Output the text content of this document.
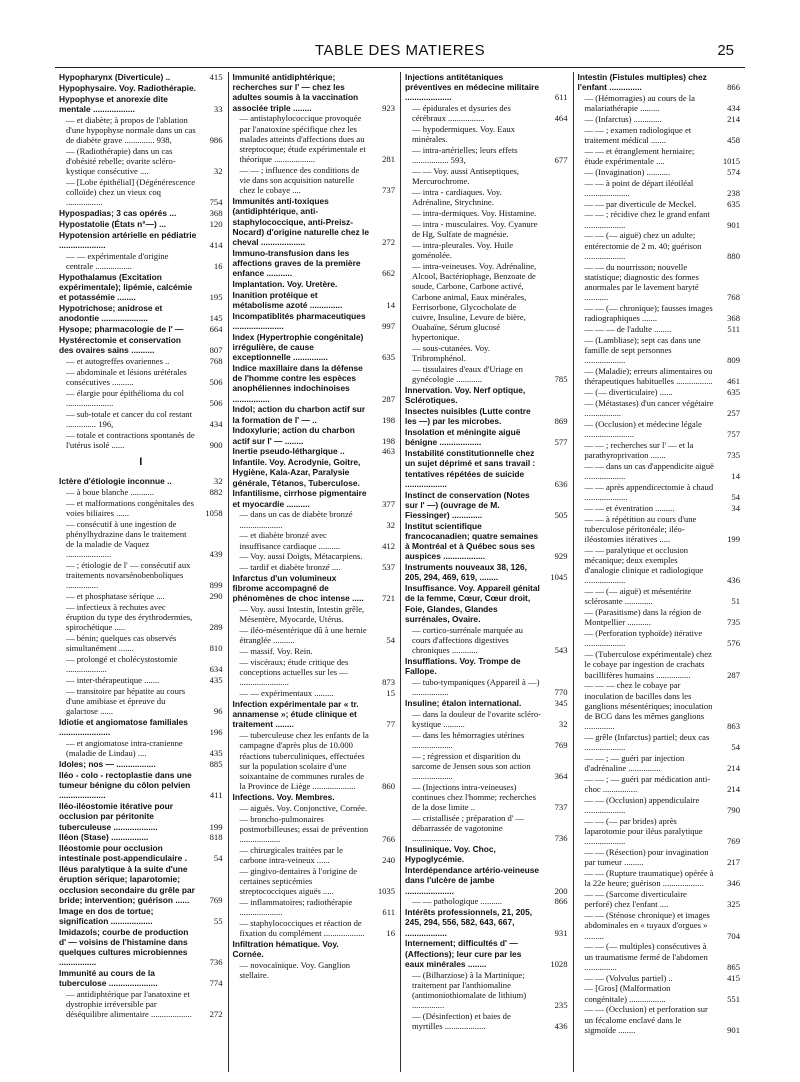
TABLE DES MATIERES	25
Hypopharynx (Diverticule) ..	415
Hypophysaire. Voy. Radiothérapie.
Hypophyse et anorexie dite mentale ..................	33
— et diabète; à propos de l'ablation d'une hypophyse normale dans un cas de diabète grave .............. 938,	986
— (Radiothérapie) dans un cas d'obésité rebelle; ovarite scléro-kystique consécutive ....	32
— [Lobe épithélial] (Dégénérescence colloïde) chez un vieux coq .................	754
Hypospadias; 3 cas opérés ...	368
Hypostatolie (États n°—) ...	120
Hypotension artérielle en pédiatrie ....................	414
— — expérimentale d'origine centrale .................	16
Hypothalamus (Excitation expérimentale); lipémie, calcémie et potassémie ........	195
Hypotrichose; anidrose et anodontie ....................	145
Hysope; pharmacologie de l' —	664
Hystérectomie et conservation des ovaires sains ..........	807
— et autogreffes ovariennes ..	768
— abdominale et lésions urétérales consécutives ..........	506
— élargie pour épithélioma du col ......................	506
— sub-totale et cancer du col restant .............. 196,	434
— totale et contractions spontanés de l'utérus isolé ......	900
I
Ictère d'étiologie inconnue ..	32
— à boue blanche ...........	882
— et malformations congénitales des voies biliaires ......	1058
— consécutif à une ingestion de phénylhydrazine dans le traitement de la maladie de Vaquez .....................	439
— ; étiologie de l' — consécutif aux traitements novarsénobenboliques ...............	899
— et phosphatase sérique ....	290
— infectieux à rechutes avec éruption du type des érythrodermies, spirochétique .....	289
— bénin; quelques cas observés simultanément .......	810
— prolongé et cholécystostomie ...................	634
— inter-thérapeutique .......	435
— transitoire par hépatite au cours d'une amibiase et épreuve du galactose ......	96
Idiotie et angiomatose familiales ......................	196
— et angiomatose intra-cranienne (maladie de Lindau) ....	435
Idoles; nos — .................	885
Iléo - colo - rectoplastie dans une tumeur bénigne du côlon pelvien ....................	411
Iléo-iléostomie itérative pour occlusion par péritonite tuberculeuse ...................	199
Iléon (Stase) ................	818
Iléostomie pour occlusion intestinale post-appendiculaire .	54
Iléus paralytique à la suite d'une éruption sérique; laparotomie; occlusion secondaire du grêle par bride; intervention; guérison ......	769
Image en dos de tortue; signification ..................	55
Imidazols; courbe de production d' — voisins de l'histamine dans quelques cultures microbiennes ................	736
Immunité au cours de la tuberculose .....................	774
— antidiphtérique par l'anatoxine et dystrophie irréversible par déséquilibre alimentaire ...................	272
Immunité antidiphtérique; recherches sur l' — chez les adultes soumis à la vaccination associée triple ........	923
— antistaphylococcique provoquée par l'anatoxine spécifique chez les malades atteints d'affections dues au streptocoque; étude expérimentale et théorique ...................	281
— — ; influence des conditions de vie dans son acquisition naturelle chez le cobaye ....	737
Immunités anti-toxiques (antidiphtérique, anti-staphylococcique, anti-Preisz-Nocard) d'origine naturelle chez le cheval ...................	272
Immuno-transfusion dans les affections graves de la première enfance ...........	662
Implantation. Voy. Uretère.
Inanition protéique et métabolisme azoté ..............	14
Incompatiblités pharmaceutiques ......................	997
Index (Hypertrophie congénitale) irrégulière, de cause exceptionnelle ...............	635
Indice maxillaire dans la défense de l'homme contre les espèces anophéliennes indochinoises ................	287
Indol; action du charbon actif sur la formation de l' — ..	198
Indoxylurie; action du charbon actif sur l' — ........	198
Inertie pseudo-léthargique ..	463
Infantile. Voy. Acrodynie, Goitre, Hygiène, Kala-Azar, Paralysie générale, Tétanos, Tuberculose.
Infantilisme, cirrhose pigmentaire et myocardie ..........	377
— dans un cas de diabète bronzé ....................	32
— et diabète bronzé avec insuffisance cardiaque ..........	412
— Voy. aussi Doigts, Métacarpiens.
— tardif et diabète bronzé ....	537
Infarctus d'un volumineux fibrome accompagné de phénomènes de choc intense .....	721
— Voy. aussi Intestin, Intestin grêle, Mésentère, Myocarde, Utérus.
— iléo-mésentérique dû à une hernie étranglée ..........	54
— massif. Voy. Rein.
— viscéraux; étude critique des conceptions actuelles sur les — .......................	873
— — expérimentaux .........	15
Infection expérimentale par « tr. annamense »; étude clinique et traitement ........	77
— tuberculeuse chez les enfants de la campagne d'après plus de 10.000 réactions tuberculiniques, effectuées sur la population scolaire d'une soixantaine de communes rurales de la Province de Liège ....................	860
Infections. Voy. Membres.
— aiguës. Voy. Conjonctive, Cornée.
— broncho-pulmonaires postmorbilleuses; essai de prévention ...................	766
— chirurgicales traitées par le carbone intra-veineux ......	240
— gingivo-dentaires à l'origine de certaines septicémies streptococciques aiguës .....	1035
— inflammatoires; radiothérapie ....................	611
— staphylococciques et réaction de fixation du complément ...................	16
Infiltration hématique. Voy. Cornée.
— novocaïnique. Voy. Ganglion stellaire.
Injections antitétaniques préventives en médecine militaire ....................	611
— épidurales et dysuries des cérébraux .................	464
— hypodermiques. Voy. Eaux minérales.
— intra-artérielles; leurs effets ................. 593,	677
— — Voy. aussi Antiseptiques, Mercurochrome.
— intra - cardiaques. Voy. Adrénaline, Strychnine.
— intra-dermiques. Voy. Histamine.
— intra - musculaires. Voy. Cyanure de Hg, Sulfate de magnésie.
— intra-pleurales. Voy. Huile goménolée.
— intra-veineuses. Voy. Adrénaline, Alcool, Bactériophage, Benzoate de soude, Carbone, Carbone activé, Carbone animal, Eaux minérales, Ferrisorbone, Glycocholate de cuivre, Insuline, Levure de bière, Ouabaïne, Sérum glucosé hypertonique.
— sous-cutanées. Voy. Tribromphénol.
— tissulaires d'eaux d'Uriage en gynécologie ............	785
Innervation. Voy. Nerf optique, Sclérotiques.
Insectes nuisibles (Lutte contre les —) par les microbes.	869
Insolation et méningite aiguë bénigne ..................	577
Instabilité constitutionnelle chez un sujet déprimé et sans travail : tentatives répétées de suicide ..................	636
Instinct de conservation (Notes sur l' —) (ouvrage de M. Fiessinger) .............	505
Institut scientifique francocanadien; quatre semaines à Montréal et à Québec sous ses auspices ..................	929
Instruments nouveaux 38, 126, 205, 294, 469, 619, ........	1045
Insuffisance. Voy. Appareil génital de la femme, Cœur, Cœur droit, Foie, Glandes, Glandes surrénales, Ovaire.
— cortico-surrénale marquée au cours d'affections digestives chroniques ............	543
Insufflations. Voy. Trompe de Fallope.
— tubo-tympaniques (Appareil à —) .................	770
Insuline; étalon international.	345
— dans la douleur de l'ovarite scléro-kystique ..........	32
— dans les hémorragies utérines ...................	769
— ; régression et disparition du sarcome de Jensen sous son action ...................	364
— (Injections intra-veineuses) continues chez l'homme; recherches de la dose limite ..	737
— cristallisée ; préparation d' — débarrassée de vagotonine ...................	736
Insulinique. Voy. Choc, Hypoglycémie.
Interdépendance artério-veineuse dans l'ulcère de jambe .....................	200
— — pathologique ..........	866
Intérêts professionnels, 21, 205, 245, 294, 556, 582, 643, 667, ..................	931
Internement; difficultés d' — (Affections); leur cure par les eaux minérales ........	1028
— (Bilharziose) à la Martinique; traitement par l'anthiomaline (antimoniothiomalate de lithium) ...............	235
— (Désinfection) et baies de myrtilles ...................	436
Intestin (Fistules multiples) chez l'enfant ..............	866
— (Hémorragies) au cours de la malariathérapie .........	434
— (Infarctus) .............	214
— — ; examen radiologique et traitement médical .......	458
— — et étranglement herniaire; étude expérimentale ....	1015
— (Invagination) ...........	574
— — à point de départ iléoiléal .....................	238
— — par diverticule de Meckel.	635
— — ; récidive chez le grand enfant ...................	901
— — (— aiguë) chez un adulte; entérectomie de 2 m. 40; guérison ...................	880
— — du nourrisson; nouvelle statistique; diagnostic des formes anormales par le lavement baryté ...........	768
— — (— chronique); fausses images radiographiques .......	368
— — — de l'adulte ........	511
— (Lambliase); sept cas dans une famille de sept personnes ...................	809
— (Maladie); erreurs alimentaires ou thérapeutiques habituelles .................	461
— (— diverticulaire) ......	635
— (Métastases) d'un cancer végétaire .................	257
— (Occlusion) et médecine légale .......................	757
— — ; recherches sur l' — et la parathyroprivation .......	735
— — dans un cas d'appendicite aiguë ...................	14
— — après appendicectomie à chaud ....................	54
— — et éventration .........	34
— — à répétition au cours d'une tuberculose péritonéale; iléo-iléostomies itératives .....	199
— — paralytique et occlusion mécanique; deux exemples d'analogie clinique et radiologique ...................	436
— — (— aiguë) et mésentérite sclérosante .............	51
— (Parasitisme) dans la région de Montpellier ...........	735
— (Perforation typhoïde) itérative ...................	576
— (Tuberculose expérimentale) chez le cobaye par ingestion de crachats bacillifères humains ................	287
— — — chez le cobaye par inoculation de bacilles dans les ganglions mésentériques; inoculation de BCG dans les mêmes ganglions ..............	863
— grêle (Infarctus) partiel; deux cas ...................	54
— — ; — guéri par injection d'adrénaline ...............	214
— — ; — guéri par médication anti-choc ................	214
— — (Occlusion) appendiculaire ...................	790
— — (— par brides) après laparotomie pour iléus paralytique ...................	769
— — (Résection) pour invagination par tumeur .........	217
— — (Rupture traumatique) opérée à la 22e heure; guérison ...................	346
— — (Sarcome diverticulaire perforé) chez l'enfant ....	325
— — (Sténose chronique) et images abdominales en « tuyaux d'orgues » .........	704
— — (— multiples) consécutives à un traumatisme fermé de l'abdomen ...............	865
— — (Volvulus partiel) ..	415
— [Gros] (Malformation congénitale) .................	551
— — (Occlusion) et perforation sur un fécalome enclavé dans le sigmoïde ........	901
